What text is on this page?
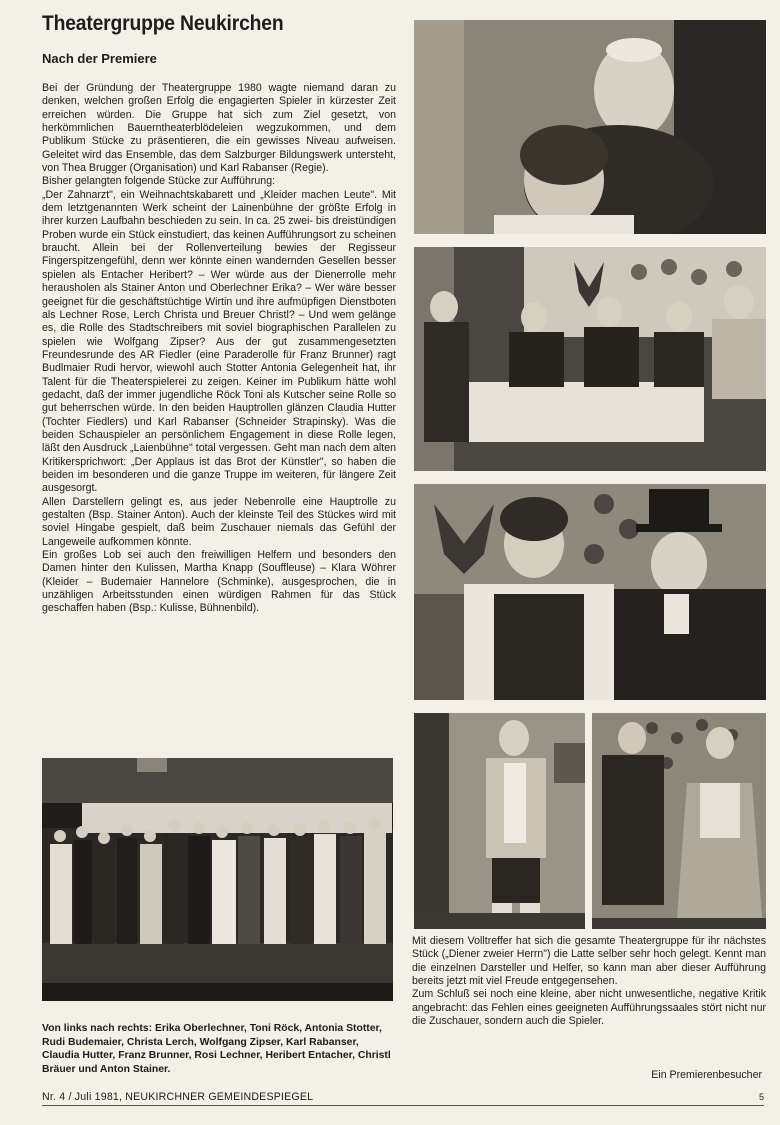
Theatergruppe Neukirchen
Nach der Premiere

Bei der Gründung der Theatergruppe 1980 wagte niemand daran zu denken, welchen großen Erfolg die engagierten Spieler in kürzester Zeit erreichen würden. Die Gruppe hat sich zum Ziel gesetzt, von herkömmlichen Bauerntheaterblödeleien wegzukommen, und dem Publikum Stücke zu präsentieren, die ein gewisses Niveau aufweisen. Geleitet wird das Ensemble, das dem Salzburger Bildungswerk untersteht, von Thea Brugger (Organisation) und Karl Rabanser (Regie).

Bisher gelangten folgende Stücke zur Aufführung:

„Der Zahnarzt", ein Weihnachtskabarett und „Kleider machen Leute". Mit dem letztgenannten Werk scheint der Lainenbühne der größte Erfolg in ihrer kurzen Laufbahn beschieden zu sein. In ca. 25 zwei- bis dreistündigen Proben wurde ein Stück einstudiert, das keinen Aufführungsort zu scheinen braucht. Allein bei der Rollenverteilung bewies der Regisseur Fingerspitzengefühl, denn wer könnte einen wandernden Gesellen besser spielen als Entacher Heribert? – Wer würde aus der Dienerrolle mehr herausholen als Stainer Anton und Oberlechner Erika? – Wer wäre besser geeignet für die geschäftstüchtige Wirtin und ihre aufmüpfigen Dienstboten als Lechner Rose, Lerch Christa und Breuer Christl? – Und wem gelänge es, die Rolle des Stadtschreibers mit soviel biographischen Parallelen zu spielen wie Wolfgang Zipser? Aus der gut zusammengesetzten Freundesrunde des AR Fiedler (eine Paraderolle für Franz Brunner) ragt Budlmaier Rudi hervor, wiewohl auch Stotter Antonia Gelegenheit hat, ihr Talent für die Theaterspielerei zu zeigen. Keiner im Publikum hätte wohl gedacht, daß der immer jugendliche Röck Toni als Kutscher seine Rolle so gut beherrschen würde. In den beiden Hauptrollen glänzen Claudia Hutter (Tochter Fiedlers) und Karl Rabanser (Schneider Strapinsky). Was die beiden Schauspieler an persönlichem Engagement in diese Rolle legen, läßt den Ausdruck „Laienbühne" total vergessen. Geht man nach dem alten Kritikersprichwort: „Der Applaus ist das Brot der Künstler", so haben die beiden im besonderen und die ganze Truppe im weiteren, für längere Zeit ausgesorgt.

Allen Darstellern gelingt es, aus jeder Nebenrolle eine Hauptrolle zu gestalten (Bsp. Stainer Anton). Auch der kleinste Teil des Stückes wird mit soviel Hingabe gespielt, daß beim Zuschauer niemals das Gefühl der Langeweile aufkommen könnte.

Ein großes Lob sei auch den freiwilligen Helfern und besonders den Damen hinter den Kulissen, Martha Knapp (Souffleuse) – Klara Wöhrer (Kleider – Budemaier Hannelore (Schminke), ausgesprochen, die in unzähligen Arbeitsstunden einen würdigen Rahmen für das Stück geschaffen haben (Bsp.: Kulisse, Bühnenbild).

Von links nach rechts: Erika Oberlechner, Toni Röck, Antonia Stotter, Rudi Budemaier, Christa Lerch, Wolfgang Zipser, Karl Rabanser, Claudia Hutter, Franz Brunner, Rosi Lechner, Heribert Entacher, Christl Bräuer und Anton Stainer.

Mit diesem Volltreffer hat sich die gesamte Theatergruppe für ihr nächstes Stück („Diener zweier Herrn") die Latte selber sehr hoch gelegt. Kennt man die einzelnen Darsteller und Helfer, so kann man aber dieser Aufführung bereits jetzt mit viel Freude entgegensehen.

Zum Schluß sei noch eine kleine, aber nicht unwesentliche, negative Kritik angebracht: das Fehlen eines geeigneten Aufführungssaales stört nicht nur die Zuschauer, sondern auch die Spieler.

Ein Premierenbesucher
Nr. 4 / Juli 1981, NEUKIRCHNER GEMEINDESPIEGEL	5
